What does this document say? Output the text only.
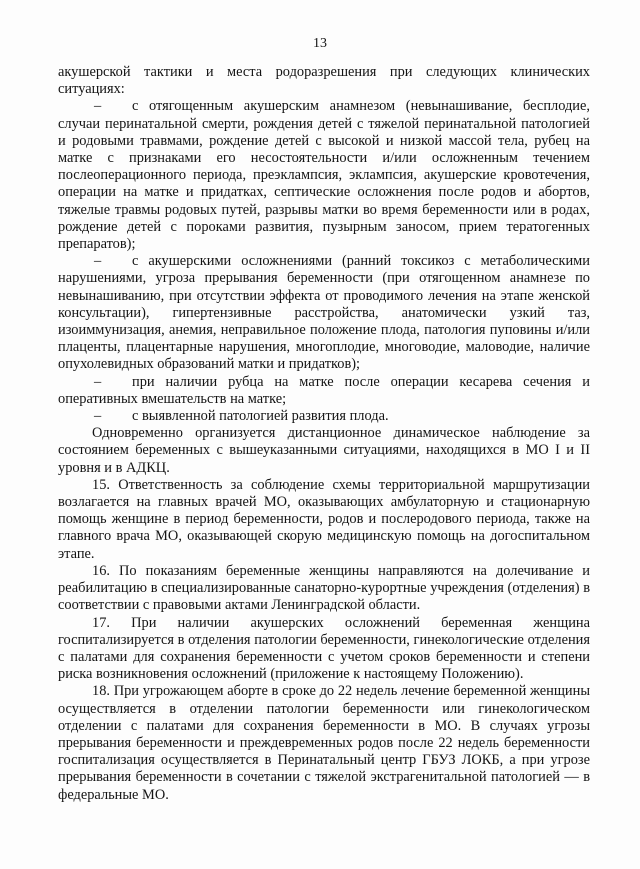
13

акушерской тактики и места родоразрешения при следующих клинических ситуациях:

– с отягощенным акушерским анамнезом (невынашивание, бесплодие, случаи перинатальной смерти, рождения детей с тяжелой перинатальной патологией и родовыми травмами, рождение детей с высокой и низкой массой тела, рубец на матке с признаками его несостоятельности и/или осложненным течением послеоперационного периода, преэклампсия, эклампсия, акушерские кровотечения, операции на матке и придатках, септические осложнения после родов и абортов, тяжелые травмы родовых путей, разрывы матки во время беременности или в родах, рождение детей с пороками развития, пузырным заносом, прием тератогенных препаратов);

– с акушерскими осложнениями (ранний токсикоз с метаболическими нарушениями, угроза прерывания беременности (при отягощенном анамнезе по невынашиванию, при отсутствии эффекта от проводимого лечения на этапе женской консультации), гипертензивные расстройства, анатомически узкий таз, изоиммунизация, анемия, неправильное положение плода, патология пуповины и/или плаценты, плацентарные нарушения, многоплодие, многоводие, маловодие, наличие опухолевидных образований матки и придатков);

– при наличии рубца на матке после операции кесарева сечения и оперативных вмешательств на матке;

– с выявленной патологией развития плода.

Одновременно организуется дистанционное динамическое наблюдение за состоянием беременных с вышеуказанными ситуациями, находящихся в МО I и II уровня и в АДКЦ.

15. Ответственность за соблюдение схемы территориальной маршрутизации возлагается на главных врачей МО, оказывающих амбулаторную и стационарную помощь женщине в период беременности, родов и послеродового периода, также на главного врача МО, оказывающей скорую медицинскую помощь на догоспитальном этапе.

16. По показаниям беременные женщины направляются на долечивание и реабилитацию в специализированные санаторно-курортные учреждения (отделения) в соответствии с правовыми актами Ленинградской области.

17. При наличии акушерских осложнений беременная женщина госпитализируется в отделения патологии беременности, гинекологические отделения с палатами для сохранения беременности с учетом сроков беременности и степени риска возникновения осложнений (приложение к настоящему Положению).

18. При угрожающем аборте в сроке до 22 недель лечение беременной женщины осуществляется в отделении патологии беременности или гинекологическом отделении с палатами для сохранения беременности в МО. В случаях угрозы прерывания беременности и преждевременных родов после 22 недель беременности госпитализация осуществляется в Перинатальный центр ГБУЗ ЛОКБ, а при угрозе прерывания беременности в сочетании с тяжелой экстрагенитальной патологией — в федеральные МО.
